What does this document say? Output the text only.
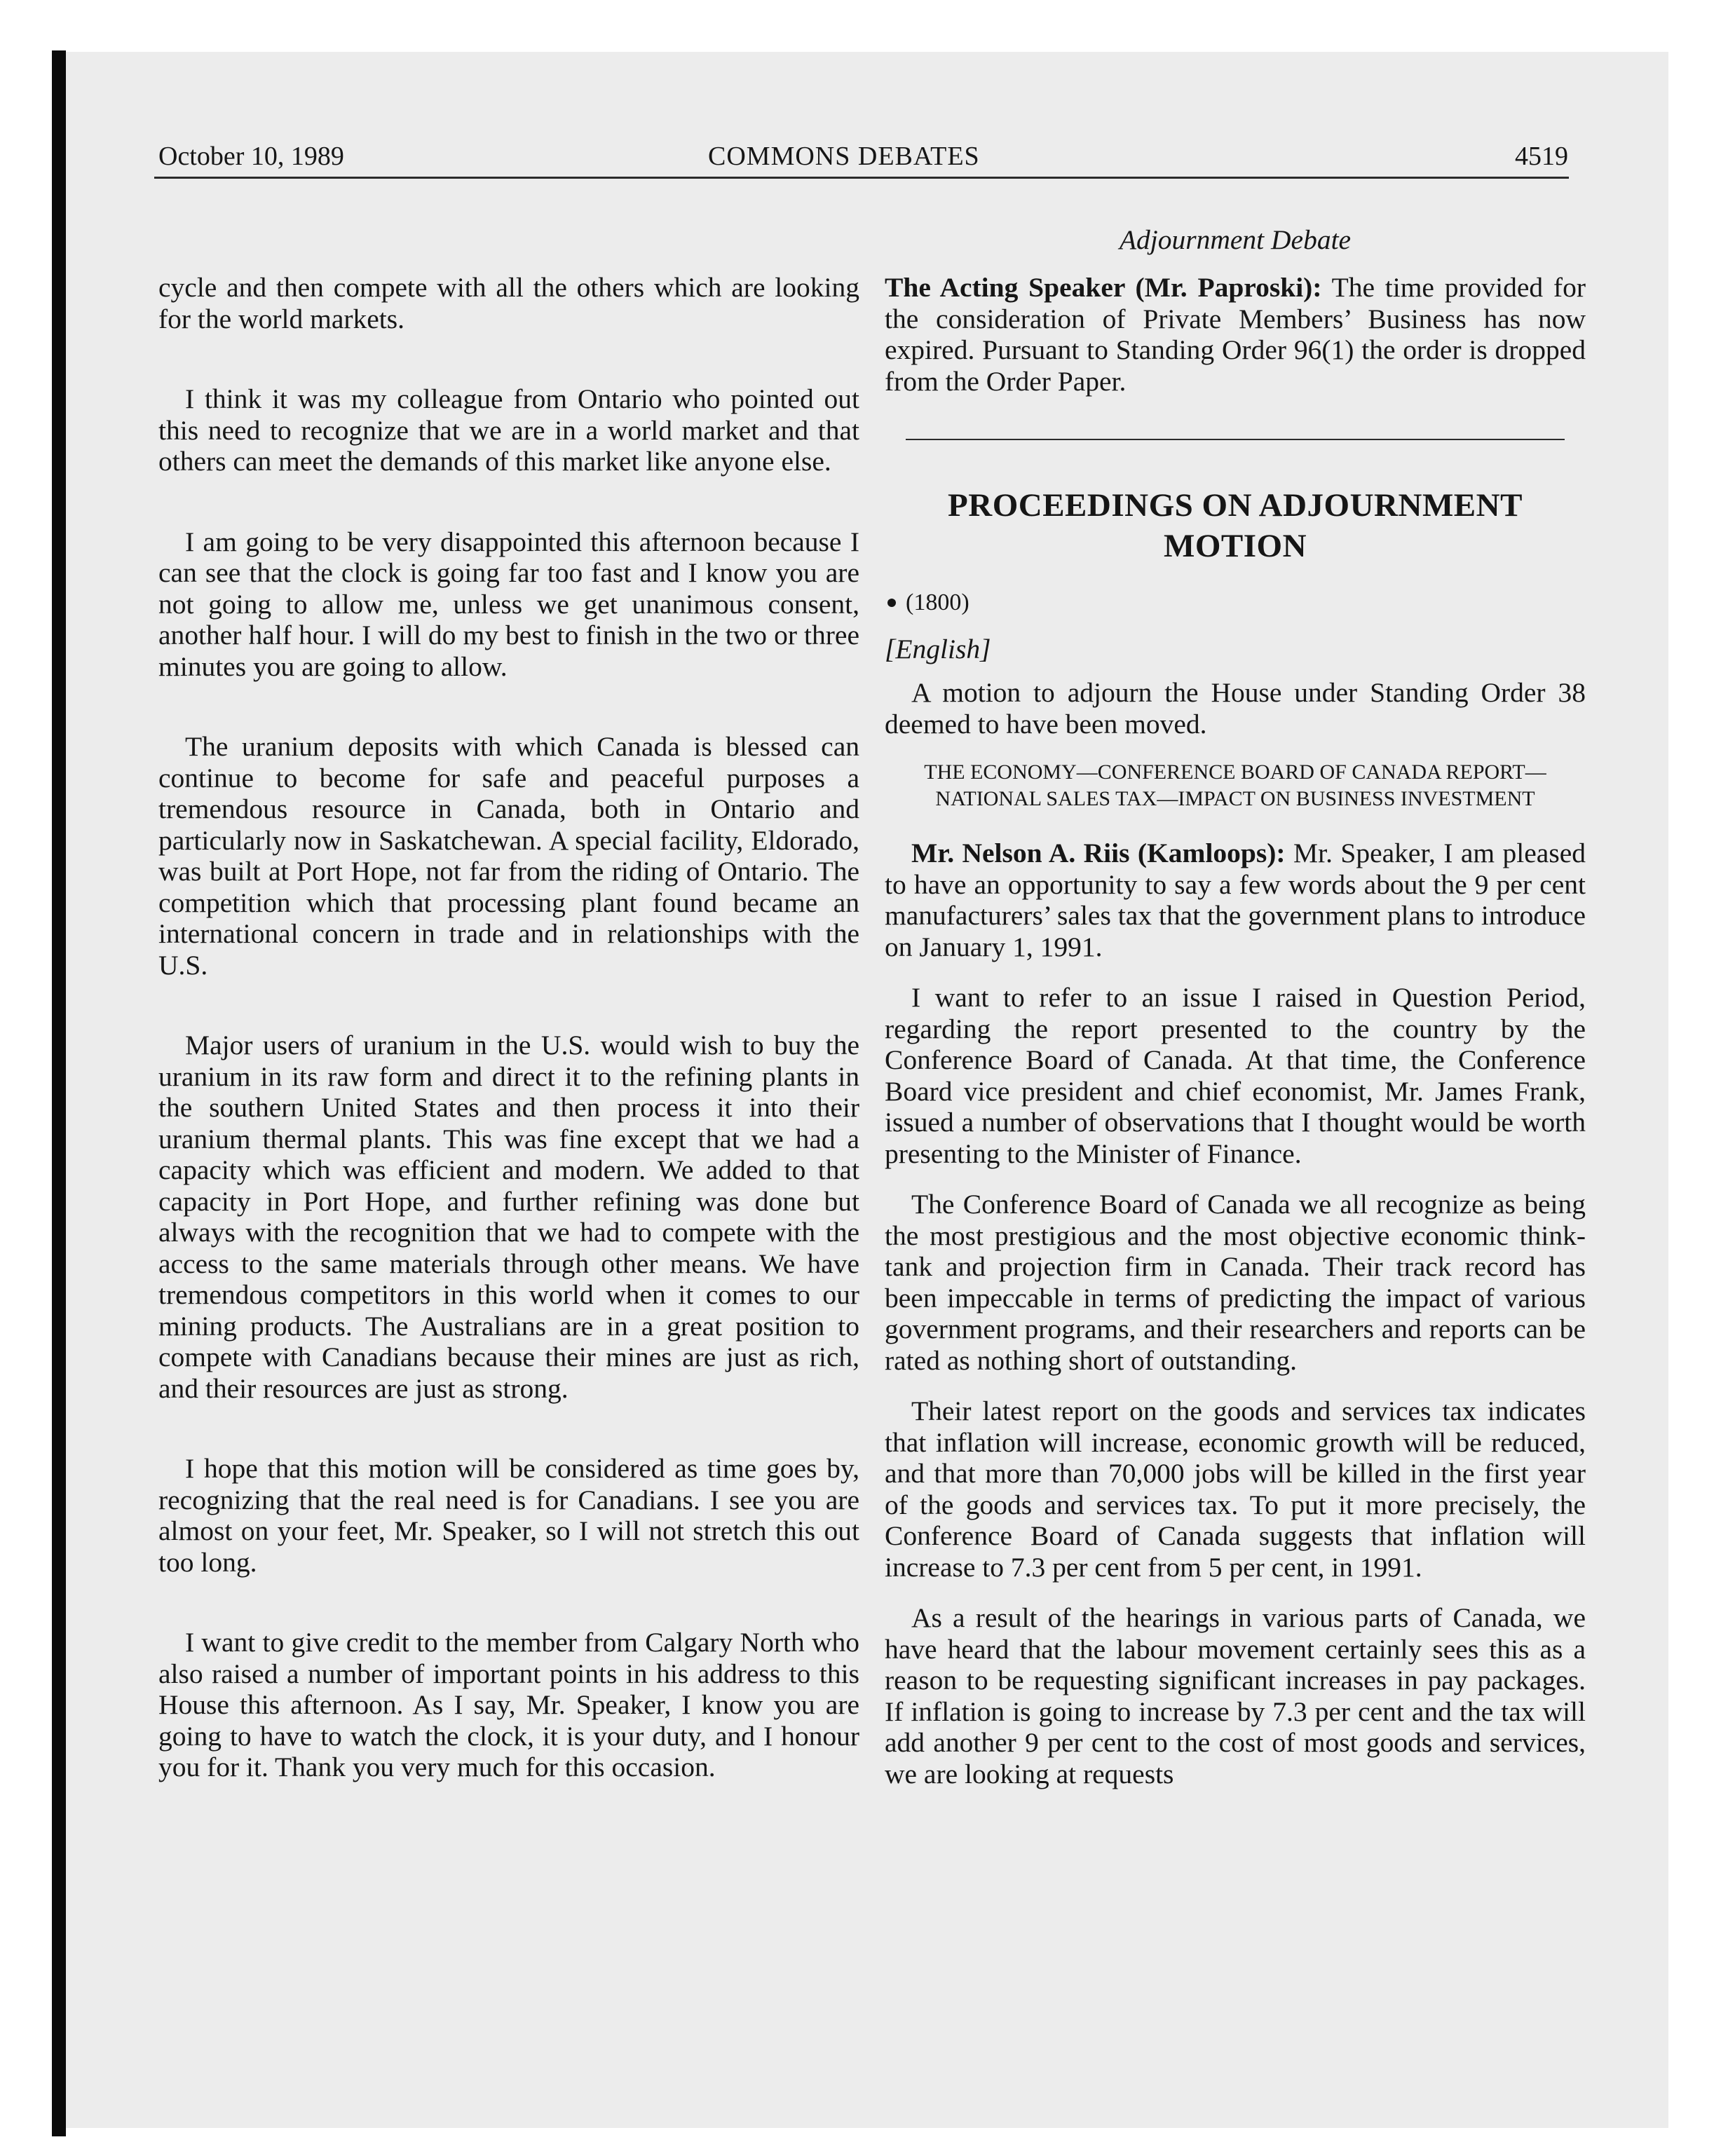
October 10, 1989	COMMONS DEBATES	4519

cycle and then compete with all the others which are looking for the world markets.

I think it was my colleague from Ontario who pointed out this need to recognize that we are in a world market and that others can meet the demands of this market like anyone else.

I am going to be very disappointed this afternoon because I can see that the clock is going far too fast and I know you are not going to allow me, unless we get unanimous consent, another half hour. I will do my best to finish in the two or three minutes you are going to allow.

The uranium deposits with which Canada is blessed can continue to become for safe and peaceful purposes a tremendous resource in Canada, both in Ontario and particularly now in Saskatchewan. A special facility, Eldorado, was built at Port Hope, not far from the riding of Ontario. The competition which that processing plant found became an international concern in trade and in relationships with the U.S.

Major users of uranium in the U.S. would wish to buy the uranium in its raw form and direct it to the refining plants in the southern United States and then process it into their uranium thermal plants. This was fine except that we had a capacity which was efficient and modern. We added to that capacity in Port Hope, and further refining was done but always with the recognition that we had to compete with the access to the same materials through other means. We have tremendous competitors in this world when it comes to our mining products. The Australians are in a great position to compete with Canadians because their mines are just as rich, and their resources are just as strong.

I hope that this motion will be considered as time goes by, recognizing that the real need is for Canadians. I see you are almost on your feet, Mr. Speaker, so I will not stretch this out too long.

I want to give credit to the member from Calgary North who also raised a number of important points in his address to this House this afternoon. As I say, Mr. Speaker, I know you are going to have to watch the clock, it is your duty, and I honour you for it. Thank you very much for this occasion.

Adjournment Debate

The Acting Speaker (Mr. Paproski): The time provided for the consideration of Private Members’ Business has now expired. Pursuant to Standing Order 96(1) the order is dropped from the Order Paper.

PROCEEDINGS ON ADJOURNMENT MOTION
(1800)
[English]

A motion to adjourn the House under Standing Order 38 deemed to have been moved.

THE ECONOMY—CONFERENCE BOARD OF CANADA REPORT—NATIONAL SALES TAX—IMPACT ON BUSINESS INVESTMENT

Mr. Nelson A. Riis (Kamloops): Mr. Speaker, I am pleased to have an opportunity to say a few words about the 9 per cent manufacturers’ sales tax that the government plans to introduce on January 1, 1991.

I want to refer to an issue I raised in Question Period, regarding the report presented to the country by the Conference Board of Canada. At that time, the Conference Board vice president and chief economist, Mr. James Frank, issued a number of observations that I thought would be worth presenting to the Minister of Finance.

The Conference Board of Canada we all recognize as being the most prestigious and the most objective economic think-tank and projection firm in Canada. Their track record has been impeccable in terms of predicting the impact of various government programs, and their researchers and reports can be rated as nothing short of outstanding.

Their latest report on the goods and services tax indicates that inflation will increase, economic growth will be reduced, and that more than 70,000 jobs will be killed in the first year of the goods and services tax. To put it more precisely, the Conference Board of Canada suggests that inflation will increase to 7.3 per cent from 5 per cent, in 1991.

As a result of the hearings in various parts of Canada, we have heard that the labour movement certainly sees this as a reason to be requesting significant increases in pay packages. If inflation is going to increase by 7.3 per cent and the tax will add another 9 per cent to the cost of most goods and services, we are looking at requests
